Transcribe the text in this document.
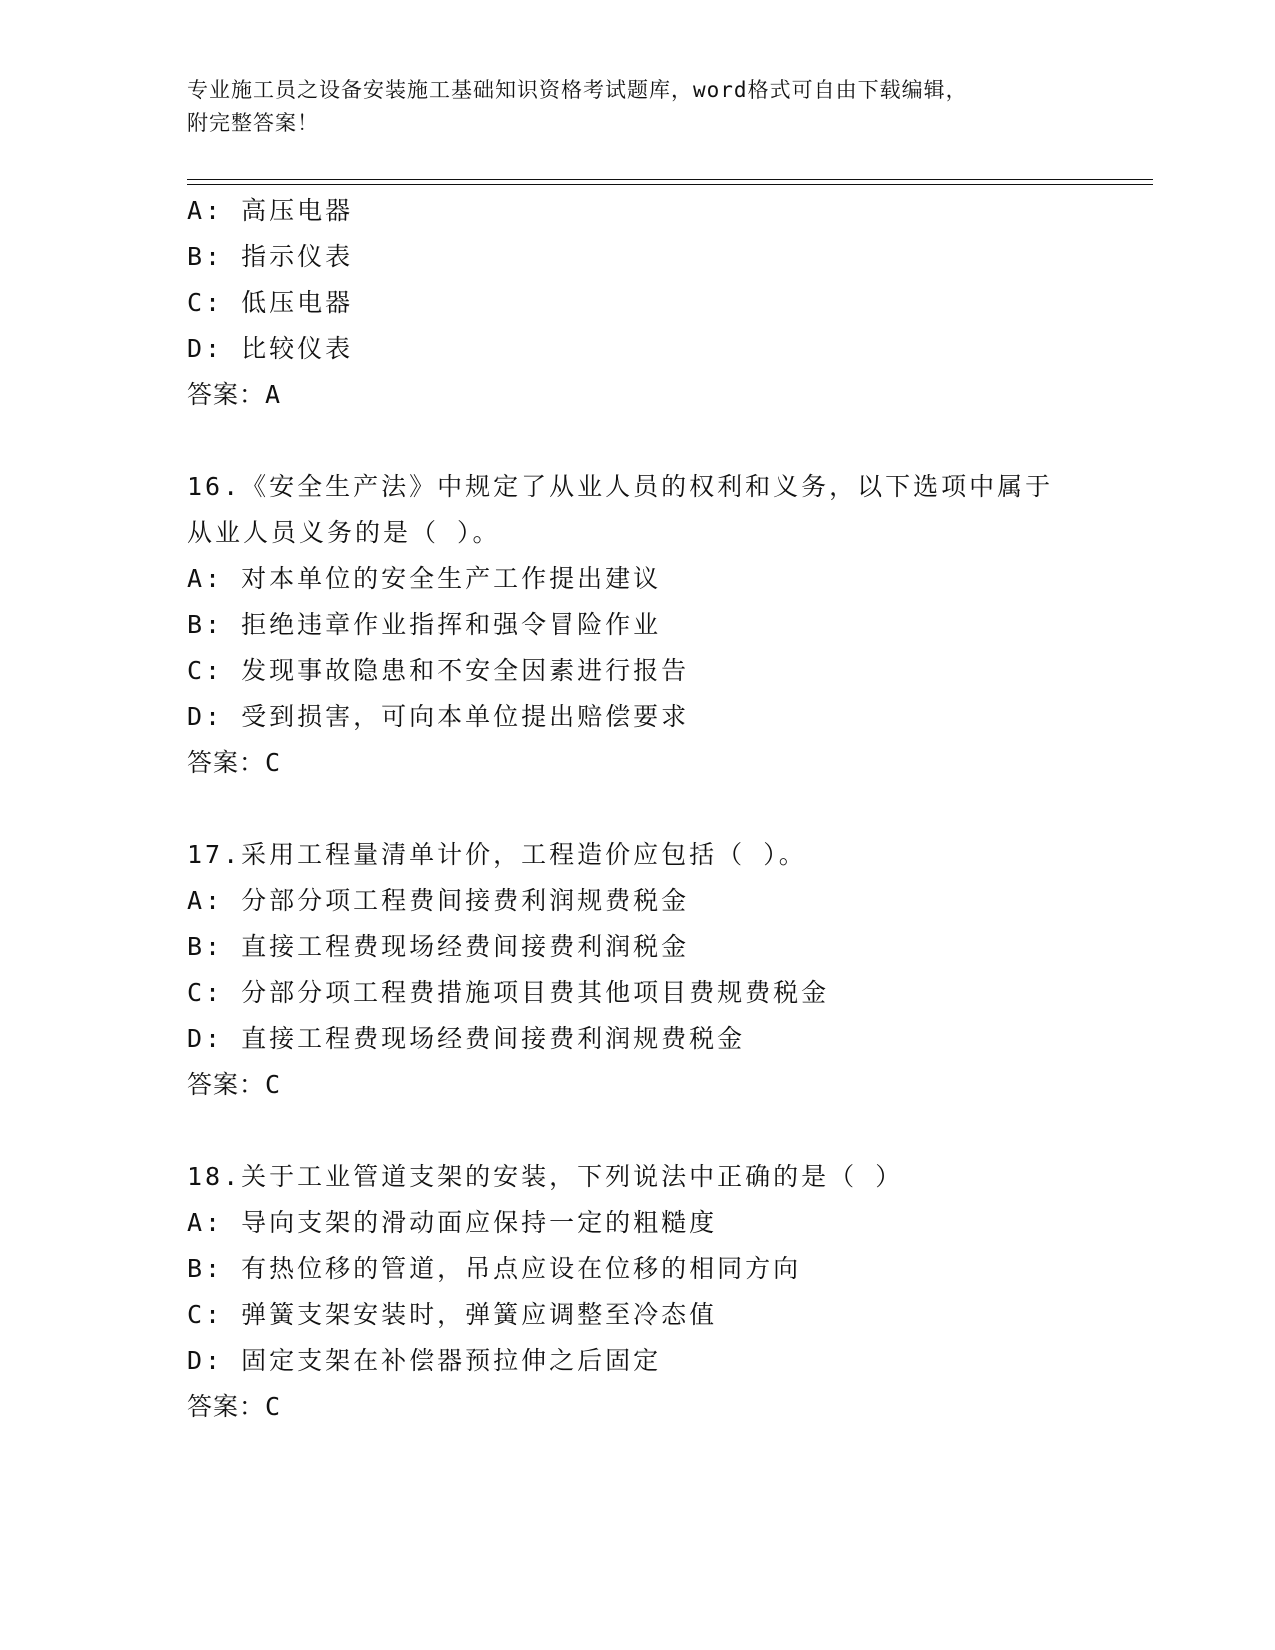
专业施工员之设备安装施工基础知识资格考试题库，word格式可自由下载编辑，
附完整答案！
A: 高压电器
B: 指示仪表
C: 低压电器
D: 比较仪表
答案：A
16.《安全生产法》中规定了从业人员的权利和义务，以下选项中属于
从业人员义务的是（ ）。
A: 对本单位的安全生产工作提出建议
B: 拒绝违章作业指挥和强令冒险作业
C: 发现事故隐患和不安全因素进行报告
D: 受到损害，可向本单位提出赔偿要求
答案：C
17.采用工程量清单计价，工程造价应包括（ ）。
A: 分部分项工程费间接费利润规费税金
B: 直接工程费现场经费间接费利润税金
C: 分部分项工程费措施项目费其他项目费规费税金
D: 直接工程费现场经费间接费利润规费税金
答案：C
18.关于工业管道支架的安装，下列说法中正确的是（ ）
A: 导向支架的滑动面应保持一定的粗糙度
B: 有热位移的管道，吊点应设在位移的相同方向
C: 弹簧支架安装时，弹簧应调整至冷态值
D: 固定支架在补偿器预拉伸之后固定
答案：C
